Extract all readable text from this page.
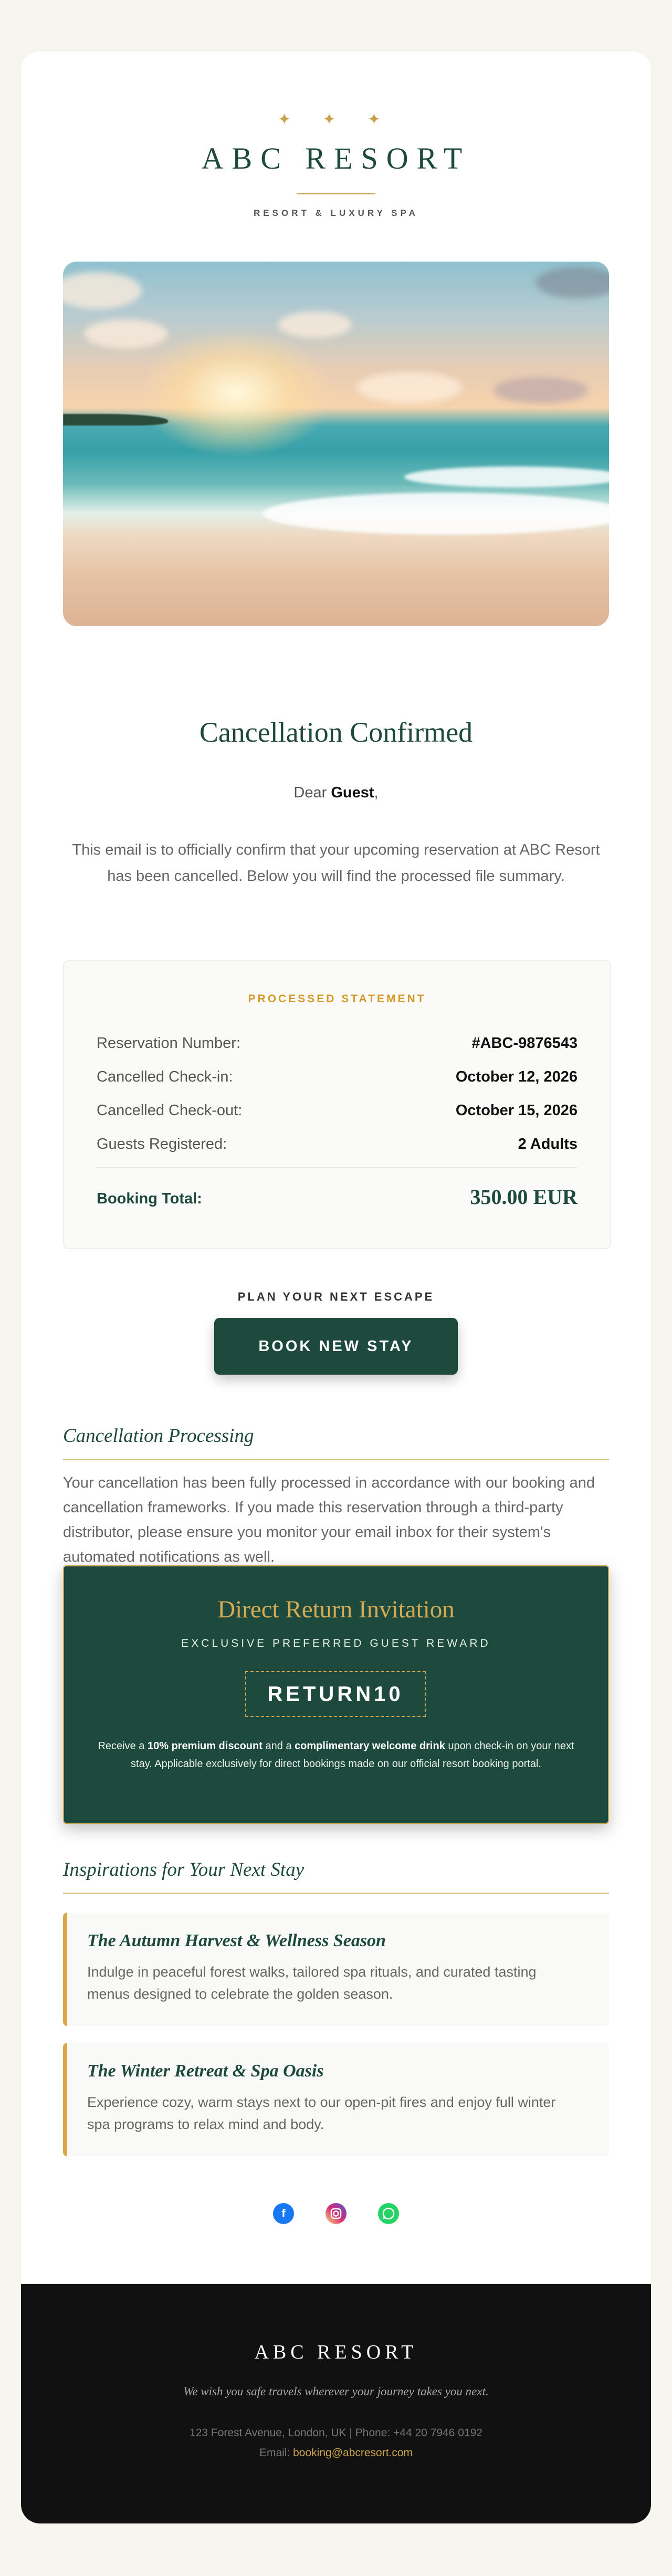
✦ ✦ ✦
ABC RESORT
RESORT & LUXURY SPA
Cancellation Confirmed
Dear Guest,
This email is to officially confirm that your upcoming reservation at ABC Resort has been cancelled. Below you will find the processed file summary.
PROCESSED STATEMENT
Reservation Number:	#ABC-9876543
Cancelled Check-in:	October 12, 2026
Cancelled Check-out:	October 15, 2026
Guests Registered:	2 Adults
Booking Total:	350.00 EUR
PLAN YOUR NEXT ESCAPE
BOOK NEW STAY
Cancellation Processing
Your cancellation has been fully processed in accordance with our booking and cancellation frameworks. If you made this reservation through a third-party distributor, please ensure you monitor your email inbox for their system's automated notifications as well.
Direct Return Invitation
EXCLUSIVE PREFERRED GUEST REWARD
RETURN10
Receive a 10% premium discount and a complimentary welcome drink upon check-in on your next stay. Applicable exclusively for direct bookings made on our official resort booking portal.
Inspirations for Your Next Stay
The Autumn Harvest & Wellness Season
Indulge in peaceful forest walks, tailored spa rituals, and curated tasting menus designed to celebrate the golden season.
The Winter Retreat & Spa Oasis
Experience cozy, warm stays next to our open-pit fires and enjoy full winter spa programs to relax mind and body.
f
ABC RESORT
We wish you safe travels wherever your journey takes you next.
123 Forest Avenue, London, UK | Phone: +44 20 7946 0192
Email: booking@abcresort.com
